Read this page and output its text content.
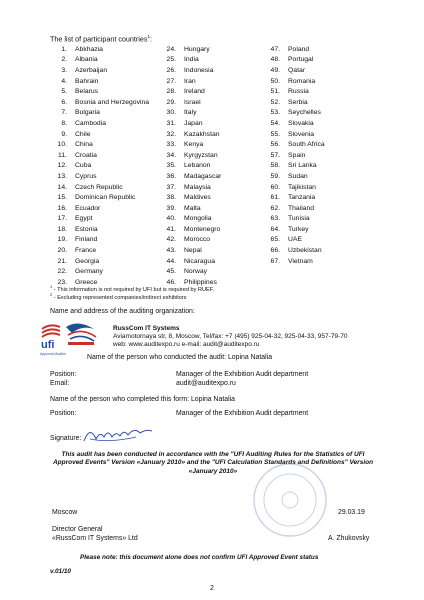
The list of participant countries$^1$:
1. Abkhazia
2. Albania
3. Azerbaijan
4. Bahrain
5. Belarus
6. Bosnia and Herzegovina
7. Bulgaria
8. Cambodia
9. Chile
10. China
11. Croatia
12. Cuba
13. Cyprus
14. Czech Republic
15. Dominican Republic
16. Ecuador
17. Egypt
18. Estonia
19. Finland
20. France
21. Georgia
22. Germany
23. Greece
24. Hungary
25. India
26. Indonesia
27. Iran
28. Ireland
29. Israel
30. Italy
31. Japan
32. Kazakhstan
33. Kenya
34. Kyrgyzstan
35. Lebanon
36. Madagascar
37. Malaysia
38. Maldives
39. Malta
40. Mongolia
41. Montenegro
42. Morocco
43. Nepal
44. Nicaragua
45. Norway
46. Philippines
47. Poland
48. Portugal
49. Qatar
50. Romania
51. Russia
52. Serbia
53. Seychelles
54. Slovakia
55. Slovenia
56. South Africa
57. Spain
58. Sri Lanka
59. Sudan
60. Tajikistan
61. Tanzania
62. Thailand
63. Tunisia
64. Turkey
65. UAE
66. Uzbekistan
67. Vietnam
$^1$ - This information is not required by UFI but is required by RUEF.
$^2$ - Excluding represented companies/indirect exhibitors
Name and address of the auditing organization:
ufi
Approved Auditor
RussCom IT Systems
Aviamotornaya str, 8, Moscow, Tel/fax: +7 (495) 925-04-32, 925-04-33, 957-79-70
web: www.auditexpo.ru e-mail: audit@auditexpo.ru
Name of the person who conducted the audit: Lopina Natalia
Position:	Manager of the Exhibition Audit department
Email:	audit@auditexpo.ru
Name of the person who completed this form: Lopina Natalia
Position:	Manager of the Exhibition Audit department
Signature:
This audit has been conducted in accordance with the "UFI Auditing Rules for the Statistics of UFI Approved Events" Version «January 2010» and the "UFI Calculation Standards and Definitions" Version «January 2010»
Moscow	29.03.19
Director General
«RussCom IT Systems» Ltd	A. Zhukovsky
Please note: this document alone does not confirm UFI Approved Event status
v.01/10
2
